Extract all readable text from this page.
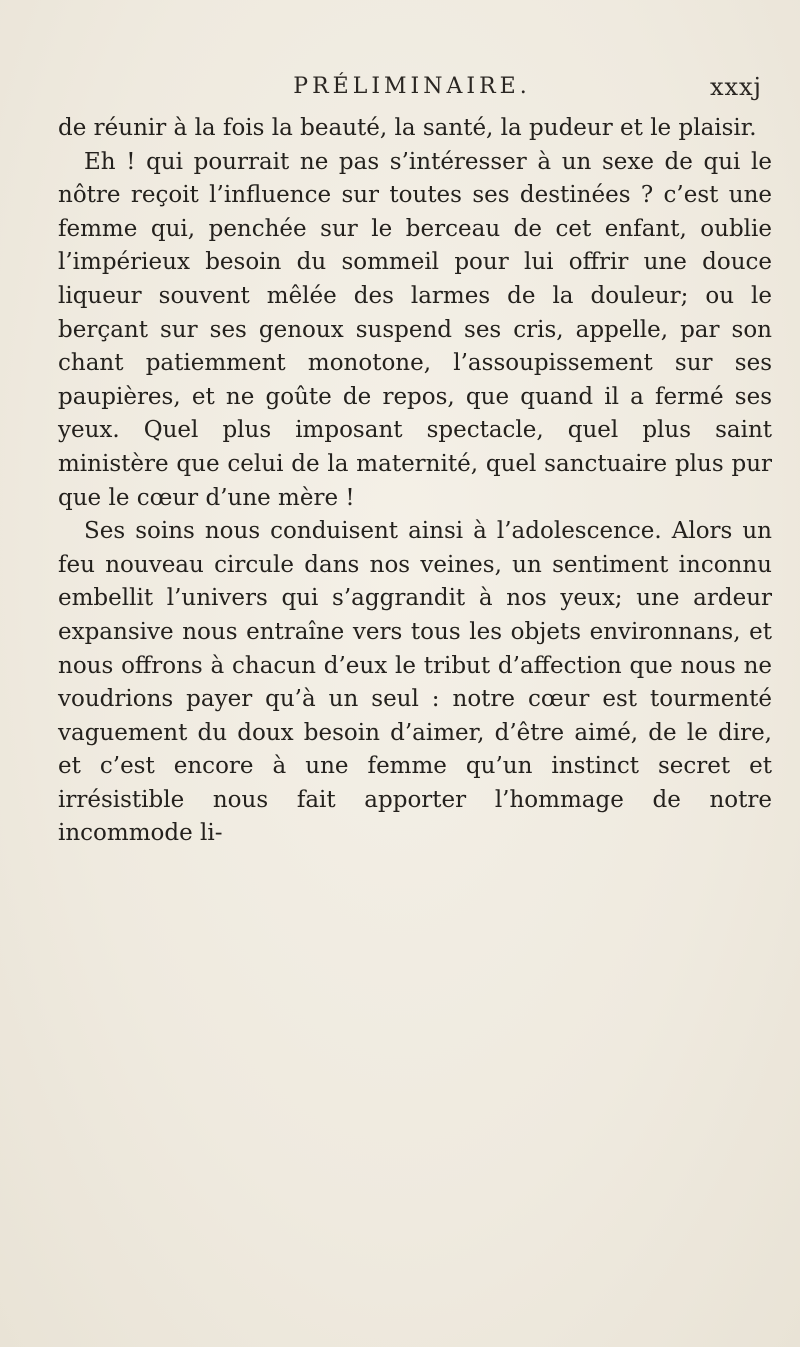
PRÉLIMINAIRE.	xxxj

de réunir à la fois la beauté, la santé, la pudeur et le plaisir.

Eh ! qui pourrait ne pas s’intéresser à un sexe de qui le nôtre reçoit l’influence sur toutes ses destinées ? c’est une femme qui, penchée sur le berceau de cet enfant, oublie l’impérieux besoin du sommeil pour lui offrir une douce liqueur souvent mêlée des larmes de la douleur; ou le berçant sur ses genoux suspend ses cris, appelle, par son chant patiemment monotone, l’assoupissement sur ses paupières, et ne goûte de repos, que quand il a fermé ses yeux. Quel plus imposant spectacle, quel plus saint ministère que celui de la maternité, quel sanctuaire plus pur que le cœur d’une mère !

Ses soins nous conduisent ainsi à l’adolescence. Alors un feu nouveau circule dans nos veines, un sentiment inconnu embellit l’univers qui s’aggrandit à nos yeux; une ardeur expansive nous entraîne vers tous les objets environnans, et nous offrons à chacun d’eux le tribut d’affection que nous ne voudrions payer qu’à un seul : notre cœur est tourmenté vaguement du doux besoin d’aimer, d’être aimé, de le dire, et c’est encore à une femme qu’un instinct secret et irrésistible nous fait apporter l’hommage de notre incommode li-
